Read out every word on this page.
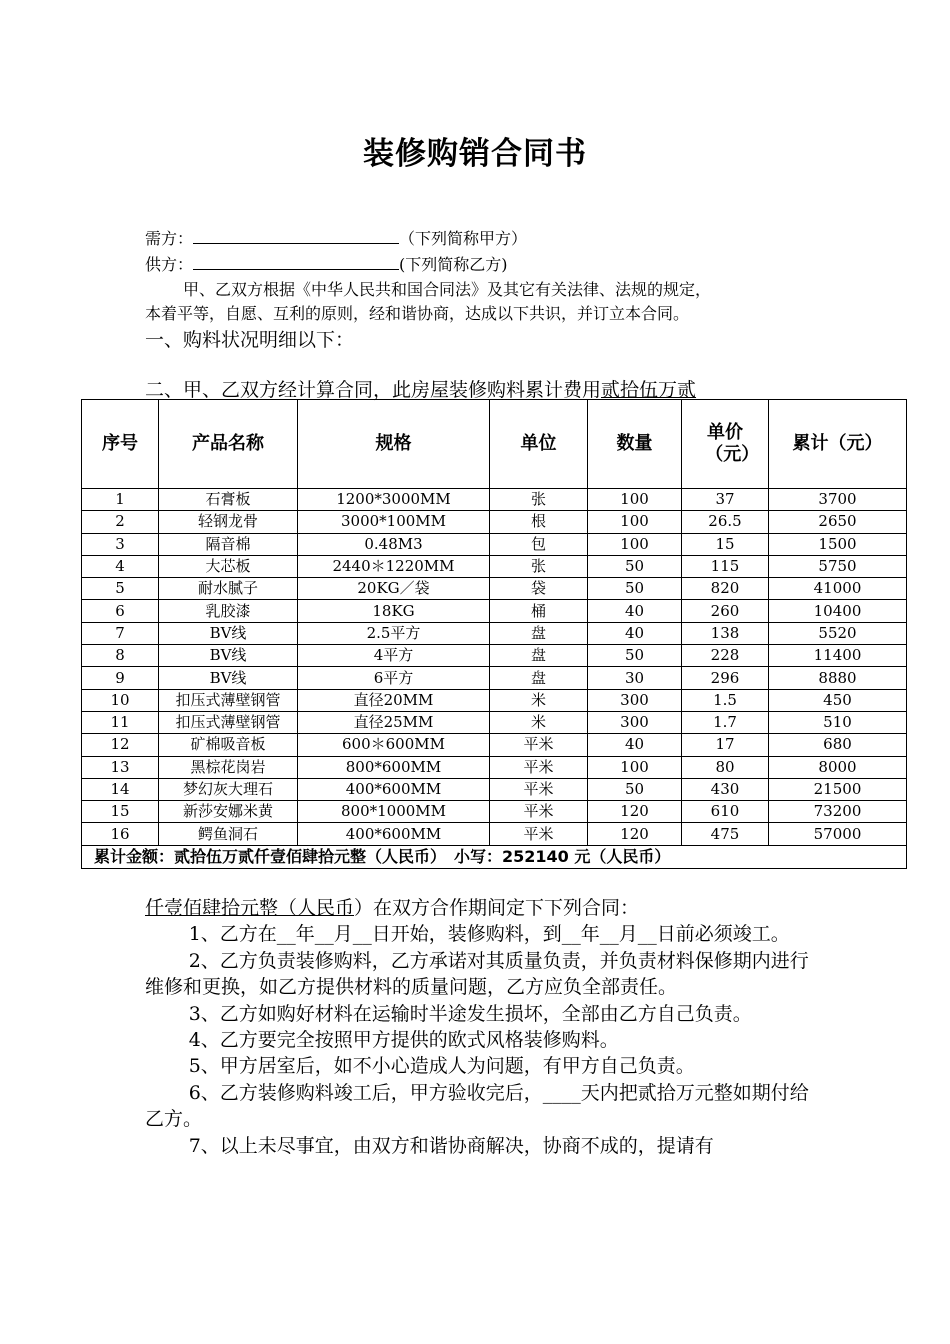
装修购销合同书
需方：	（下列简称甲方）
供方：	(下列简称乙方)
甲、乙双方根据《中华人民共和国合同法》及其它有关法律、法规的规定，
本着平等，自愿、互利的原则，经和谐协商，达成以下共识，并订立本合同。
一、购料状况明细以下：
二、甲、乙双方经计算合同，此房屋装修购料累计费用贰拾伍万贰
序号	产品名称	规格	单位	数量	单价（元）	累计（元）
1	石膏板	1200*3000MM	张	100	37	3700
2	轻钢龙骨	3000*100MM	根	100	26.5	2650
3	隔音棉	0.48M3	包	100	15	1500
4	大芯板	2440＊1220MM	张	50	115	5750
5	耐水腻子	20KG／袋	袋	50	820	41000
6	乳胶漆	18KG	桶	40	260	10400
7	BV线	2.5平方	盘	40	138	5520
8	BV线	4平方	盘	50	228	11400
9	BV线	6平方	盘	30	296	8880
10	扣压式薄壁钢管	直径20MM	米	300	1.5	450
11	扣压式薄壁钢管	直径25MM	米	300	1.7	510
12	矿棉吸音板	600＊600MM	平米	40	17	680
13	黑棕花岗岩	800*600MM	平米	100	80	8000
14	梦幻灰大理石	400*600MM	平米	50	430	21500
15	新莎安娜米黄	800*1000MM	平米	120	610	73200
16	鳄鱼洞石	400*600MM	平米	120	475	57000
累计金额：贰拾伍万贰仟壹佰肆拾元整（人民币）　小写：252140 元（人民币）						

仟壹佰肆拾元整（人民币）在双方合作期间定下下列合同：

1、乙方在__年__月__日开始，装修购料，到__年__月__日前必须竣工。

2、乙方负责装修购料，乙方承诺对其质量负责，并负责材料保修期内进行维修和更换，如乙方提供材料的质量问题，乙方应负全部责任。

3、乙方如购好材料在运输时半途发生损坏，全部由乙方自己负责。

4、乙方要完全按照甲方提供的欧式风格装修购料。

5、甲方居室后，如不小心造成人为问题，有甲方自己负责。

6、乙方装修购料竣工后，甲方验收完后，____天内把贰拾万元整如期付给乙方。

7、以上未尽事宜，由双方和谐协商解决，协商不成的，提请有
